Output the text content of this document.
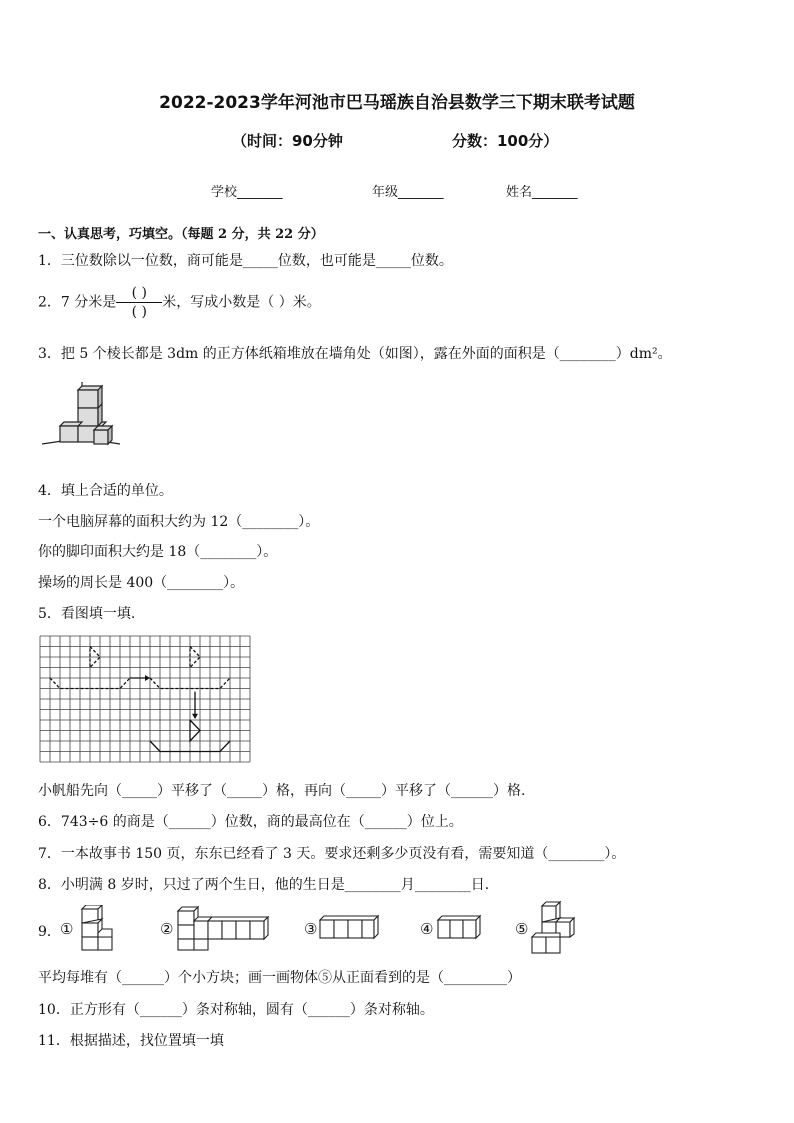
2022-2023学年河池市巴马瑶族自治县数学三下期末联考试题
（时间：90分钟	分数：100分）
学校_______	年级_______	姓名_______
一、认真思考，巧填空。（每题 2 分，共 22 分）
1．三位数除以一位数，商可能是_____位数，也可能是_____位数。
2．7 分米是 $\frac{( )}{( )}$米，写成小数是（ ）米。
3．把 5 个棱长都是 3dm 的正方体纸箱堆放在墙角处（如图），露在外面的面积是（________）dm²。
4．填上合适的单位。
一个电脑屏幕的面积大约为 12（________）。
你的脚印面积大约是 18（________）。
操场的周长是 400（________）。
5．看图填一填.
小帆船先向（_____）平移了（_____）格，再向（_____）平移了（______）格.
6．743÷6 的商是（______）位数，商的最高位在（______）位上。
7．一本故事书 150 页，东东已经看了 3 天。要求还剩多少页没有看，需要知道（________）。
8．小明满 8 岁时，只过了两个生日，他的生日是________月________日.
9． ①	②	③	④	⑤
平均每堆有（______）个小方块；画一画物体⑤从正面看到的是（_________）
10．正方形有（______）条对称轴，圆有（______）条对称轴。
11．根据描述，找位置填一填
